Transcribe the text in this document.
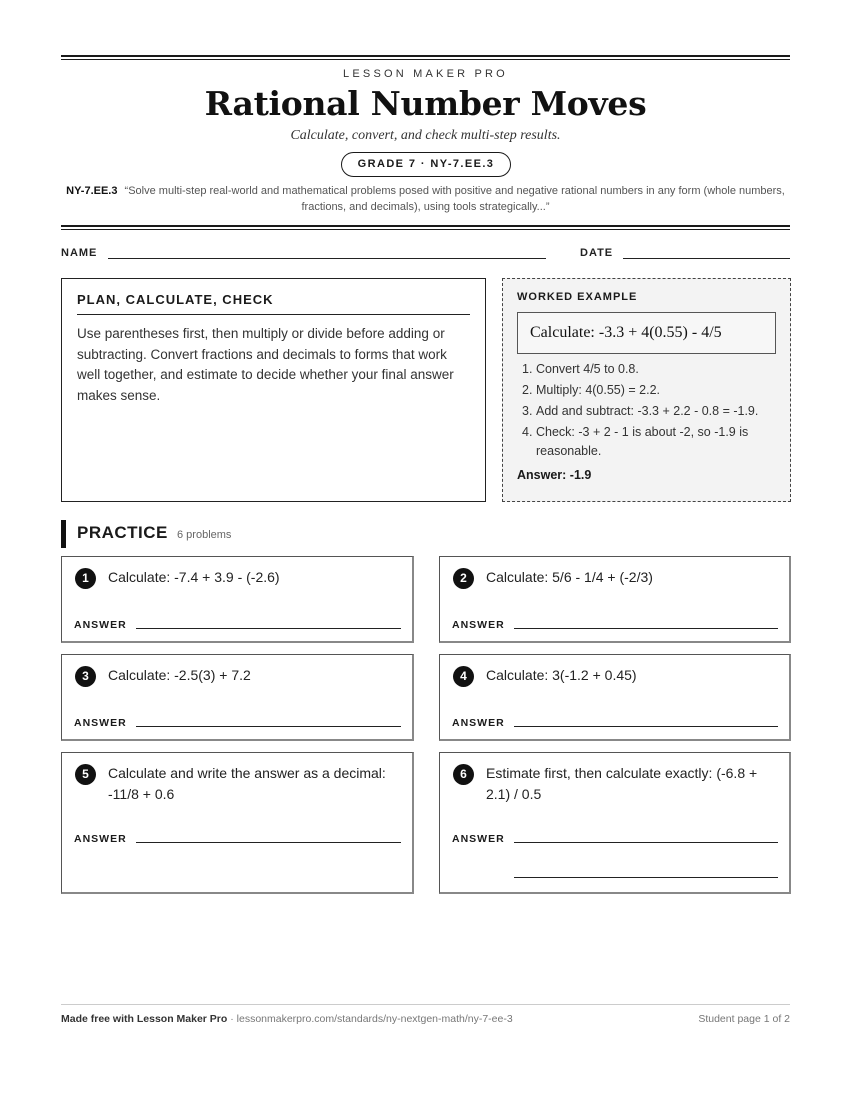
LESSON MAKER PRO
Rational Number Moves
Calculate, convert, and check multi-step results.
GRADE 7 · NY-7.EE.3
NY-7.EE.3 “Solve multi-step real-world and mathematical problems posed with positive and negative rational numbers in any form (whole numbers, fractions, and decimals), using tools strategically...”
NAME	DATE
PLAN, CALCULATE, CHECK
Use parentheses first, then multiply or divide before adding or subtracting. Convert fractions and decimals to forms that work well together, and estimate to decide whether your final answer makes sense.
WORKED EXAMPLE
Calculate: -3.3 + 4(0.55) - 4/5
1. Convert 4/5 to 0.8.
2. Multiply: 4(0.55) = 2.2.
3. Add and subtract: -3.3 + 2.2 - 0.8 = -1.9.
4. Check: -3 + 2 - 1 is about -2, so -1.9 is reasonable.
Answer: -1.9
PRACTICE 6 problems
1	Calculate: -7.4 + 3.9 - (-2.6)
ANSWER
2	Calculate: 5/6 - 1/4 + (-2/3)
ANSWER
3	Calculate: -2.5(3) + 7.2
ANSWER
4	Calculate: 3(-1.2 + 0.45)
ANSWER
5	Calculate and write the answer as a decimal: -11/8 + 0.6
ANSWER
6	Estimate first, then calculate exactly: (-6.8 + 2.1) / 0.5
ANSWER
Made free with Lesson Maker Pro · lessonmakerpro.com/standards/ny-nextgen-math/ny-7-ee-3	Student page 1 of 2
